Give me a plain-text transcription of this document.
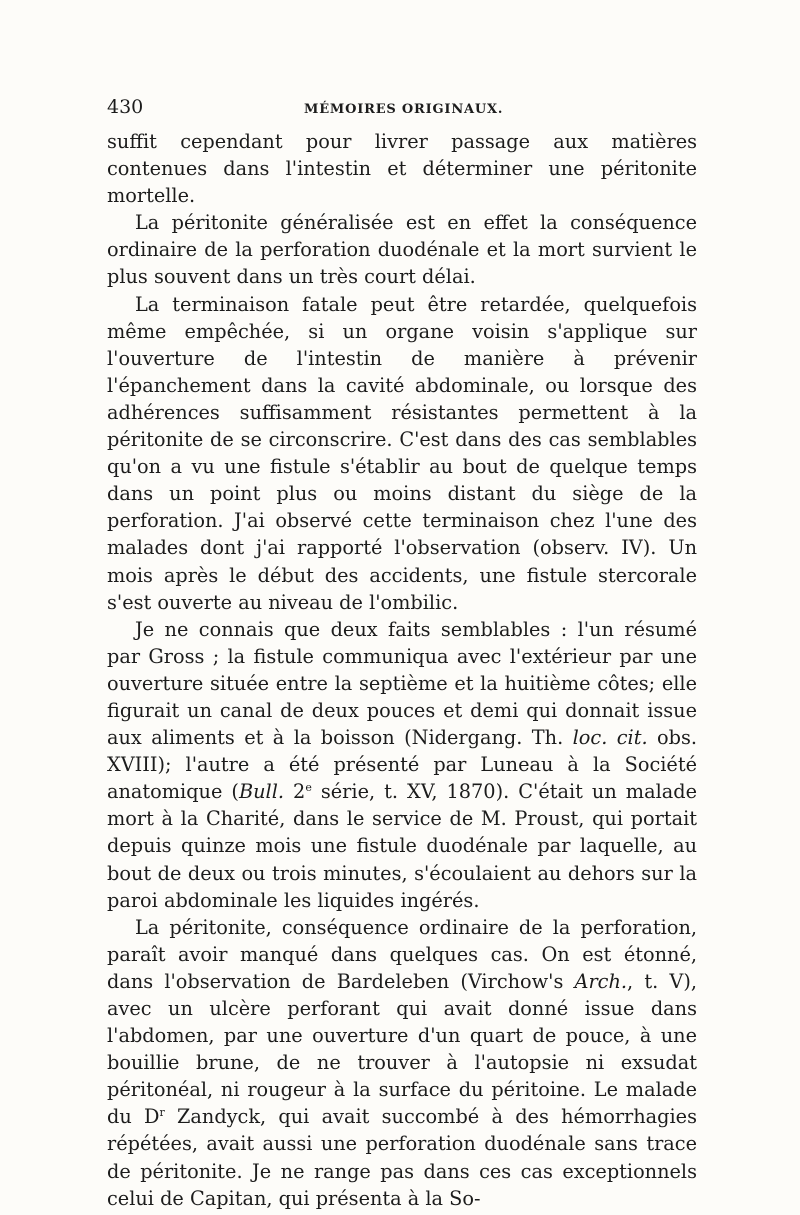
430	MÉMOIRES ORIGINAUX.

suffit cependant pour livrer passage aux matières contenues dans l'intestin et déterminer une péritonite mortelle.

La péritonite généralisée est en effet la conséquence ordinaire de la perforation duodénale et la mort survient le plus souvent dans un très court délai.

La terminaison fatale peut être retardée, quelquefois même empêchée, si un organe voisin s'applique sur l'ouverture de l'intestin de manière à prévenir l'épanchement dans la cavité abdominale, ou lorsque des adhérences suffisamment résistantes permettent à la péritonite de se circonscrire. C'est dans des cas semblables qu'on a vu une fistule s'établir au bout de quelque temps dans un point plus ou moins distant du siège de la perforation. J'ai observé cette terminaison chez l'une des malades dont j'ai rapporté l'observation (observ. IV). Un mois après le début des accidents, une fistule stercorale s'est ouverte au niveau de l'ombilic.

Je ne connais que deux faits semblables : l'un résumé par Gross ; la fistule communiqua avec l'extérieur par une ouverture située entre la septième et la huitième côtes; elle figurait un canal de deux pouces et demi qui donnait issue aux aliments et à la boisson (Nidergang. Th. loc. cit. obs. XVIII); l'autre a été présenté par Luneau à la Société anatomique (Bull. 2e série, t. XV, 1870). C'était un malade mort à la Charité, dans le service de M. Proust, qui portait depuis quinze mois une fistule duodénale par laquelle, au bout de deux ou trois minutes, s'écoulaient au dehors sur la paroi abdominale les liquides ingérés.

La péritonite, conséquence ordinaire de la perforation, paraît avoir manqué dans quelques cas. On est étonné, dans l'observation de Bardeleben (Virchow's Arch., t. V), avec un ulcère perforant qui avait donné issue dans l'abdomen, par une ouverture d'un quart de pouce, à une bouillie brune, de ne trouver à l'autopsie ni exsudat péritonéal, ni rougeur à la surface du péritoine. Le malade du $D^r$ Zandyck, qui avait succombé à des hémorrhagies répétées, avait aussi une perforation duodénale sans trace de péritonite. Je ne range pas dans ces cas exceptionnels celui de Capitan, qui présenta à la So-
